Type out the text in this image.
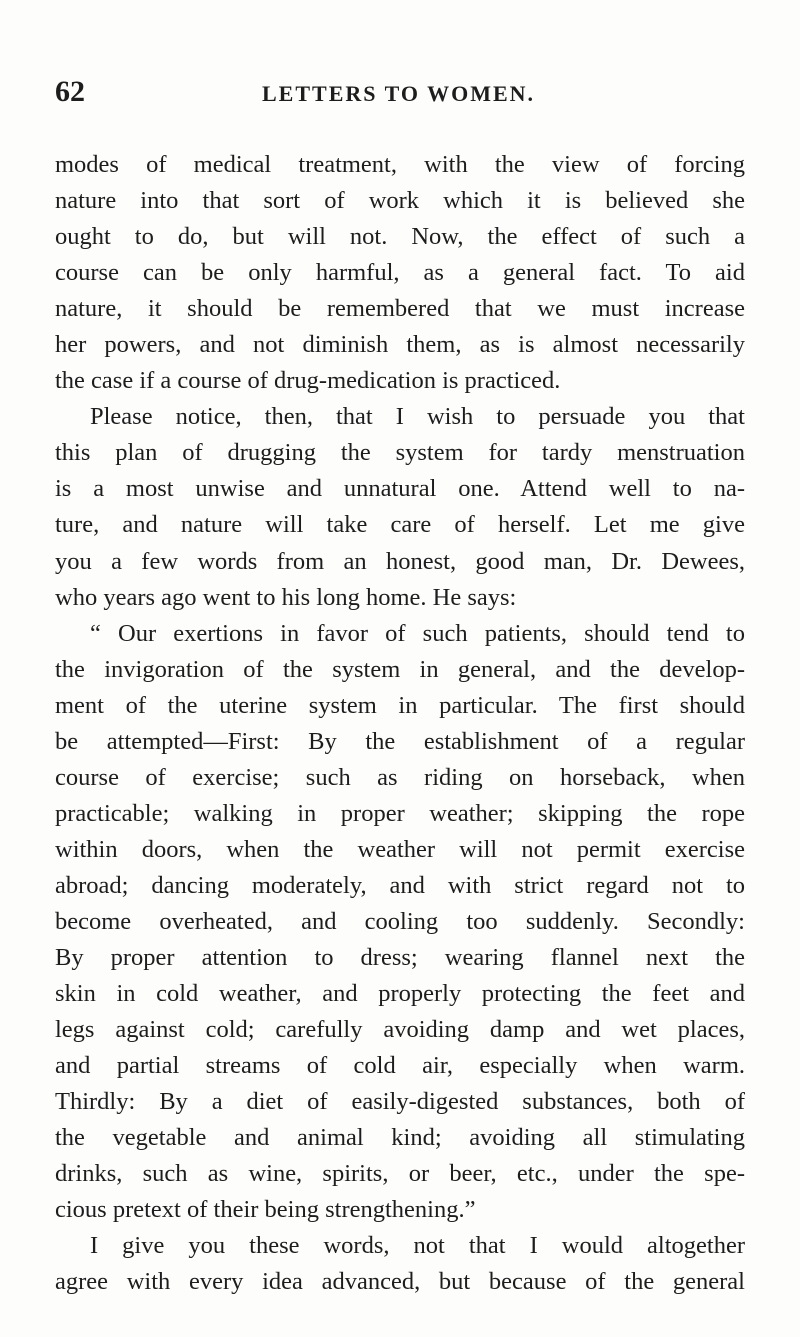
62	LETTERS TO WOMEN.
modes of medical treatment, with the view of forcing
nature into that sort of work which it is believed she
ought to do, but will not. Now, the effect of such a
course can be only harmful, as a general fact. To aid
nature, it should be remembered that we must increase
her powers, and not diminish them, as is almost necessarily
the case if a course of drug-medication is practiced.
Please notice, then, that I wish to persuade you that
this plan of drugging the system for tardy menstruation
is a most unwise and unnatural one. Attend well to na-
ture, and nature will take care of herself. Let me give
you a few words from an honest, good man, Dr. Dewees,
who years ago went to his long home. He says:
“ Our exertions in favor of such patients, should tend to
the invigoration of the system in general, and the develop-
ment of the uterine system in particular. The first should
be attempted—First: By the establishment of a regular
course of exercise; such as riding on horseback, when
practicable; walking in proper weather; skipping the rope
within doors, when the weather will not permit exercise
abroad; dancing moderately, and with strict regard not to
become overheated, and cooling too suddenly. Secondly:
By proper attention to dress; wearing flannel next the
skin in cold weather, and properly protecting the feet and
legs against cold; carefully avoiding damp and wet places,
and partial streams of cold air, especially when warm.
Thirdly: By a diet of easily-digested substances, both of
the vegetable and animal kind; avoiding all stimulating
drinks, such as wine, spirits, or beer, etc., under the spe-
cious pretext of their being strengthening.”
I give you these words, not that I would altogether
agree with every idea advanced, but because of the general
